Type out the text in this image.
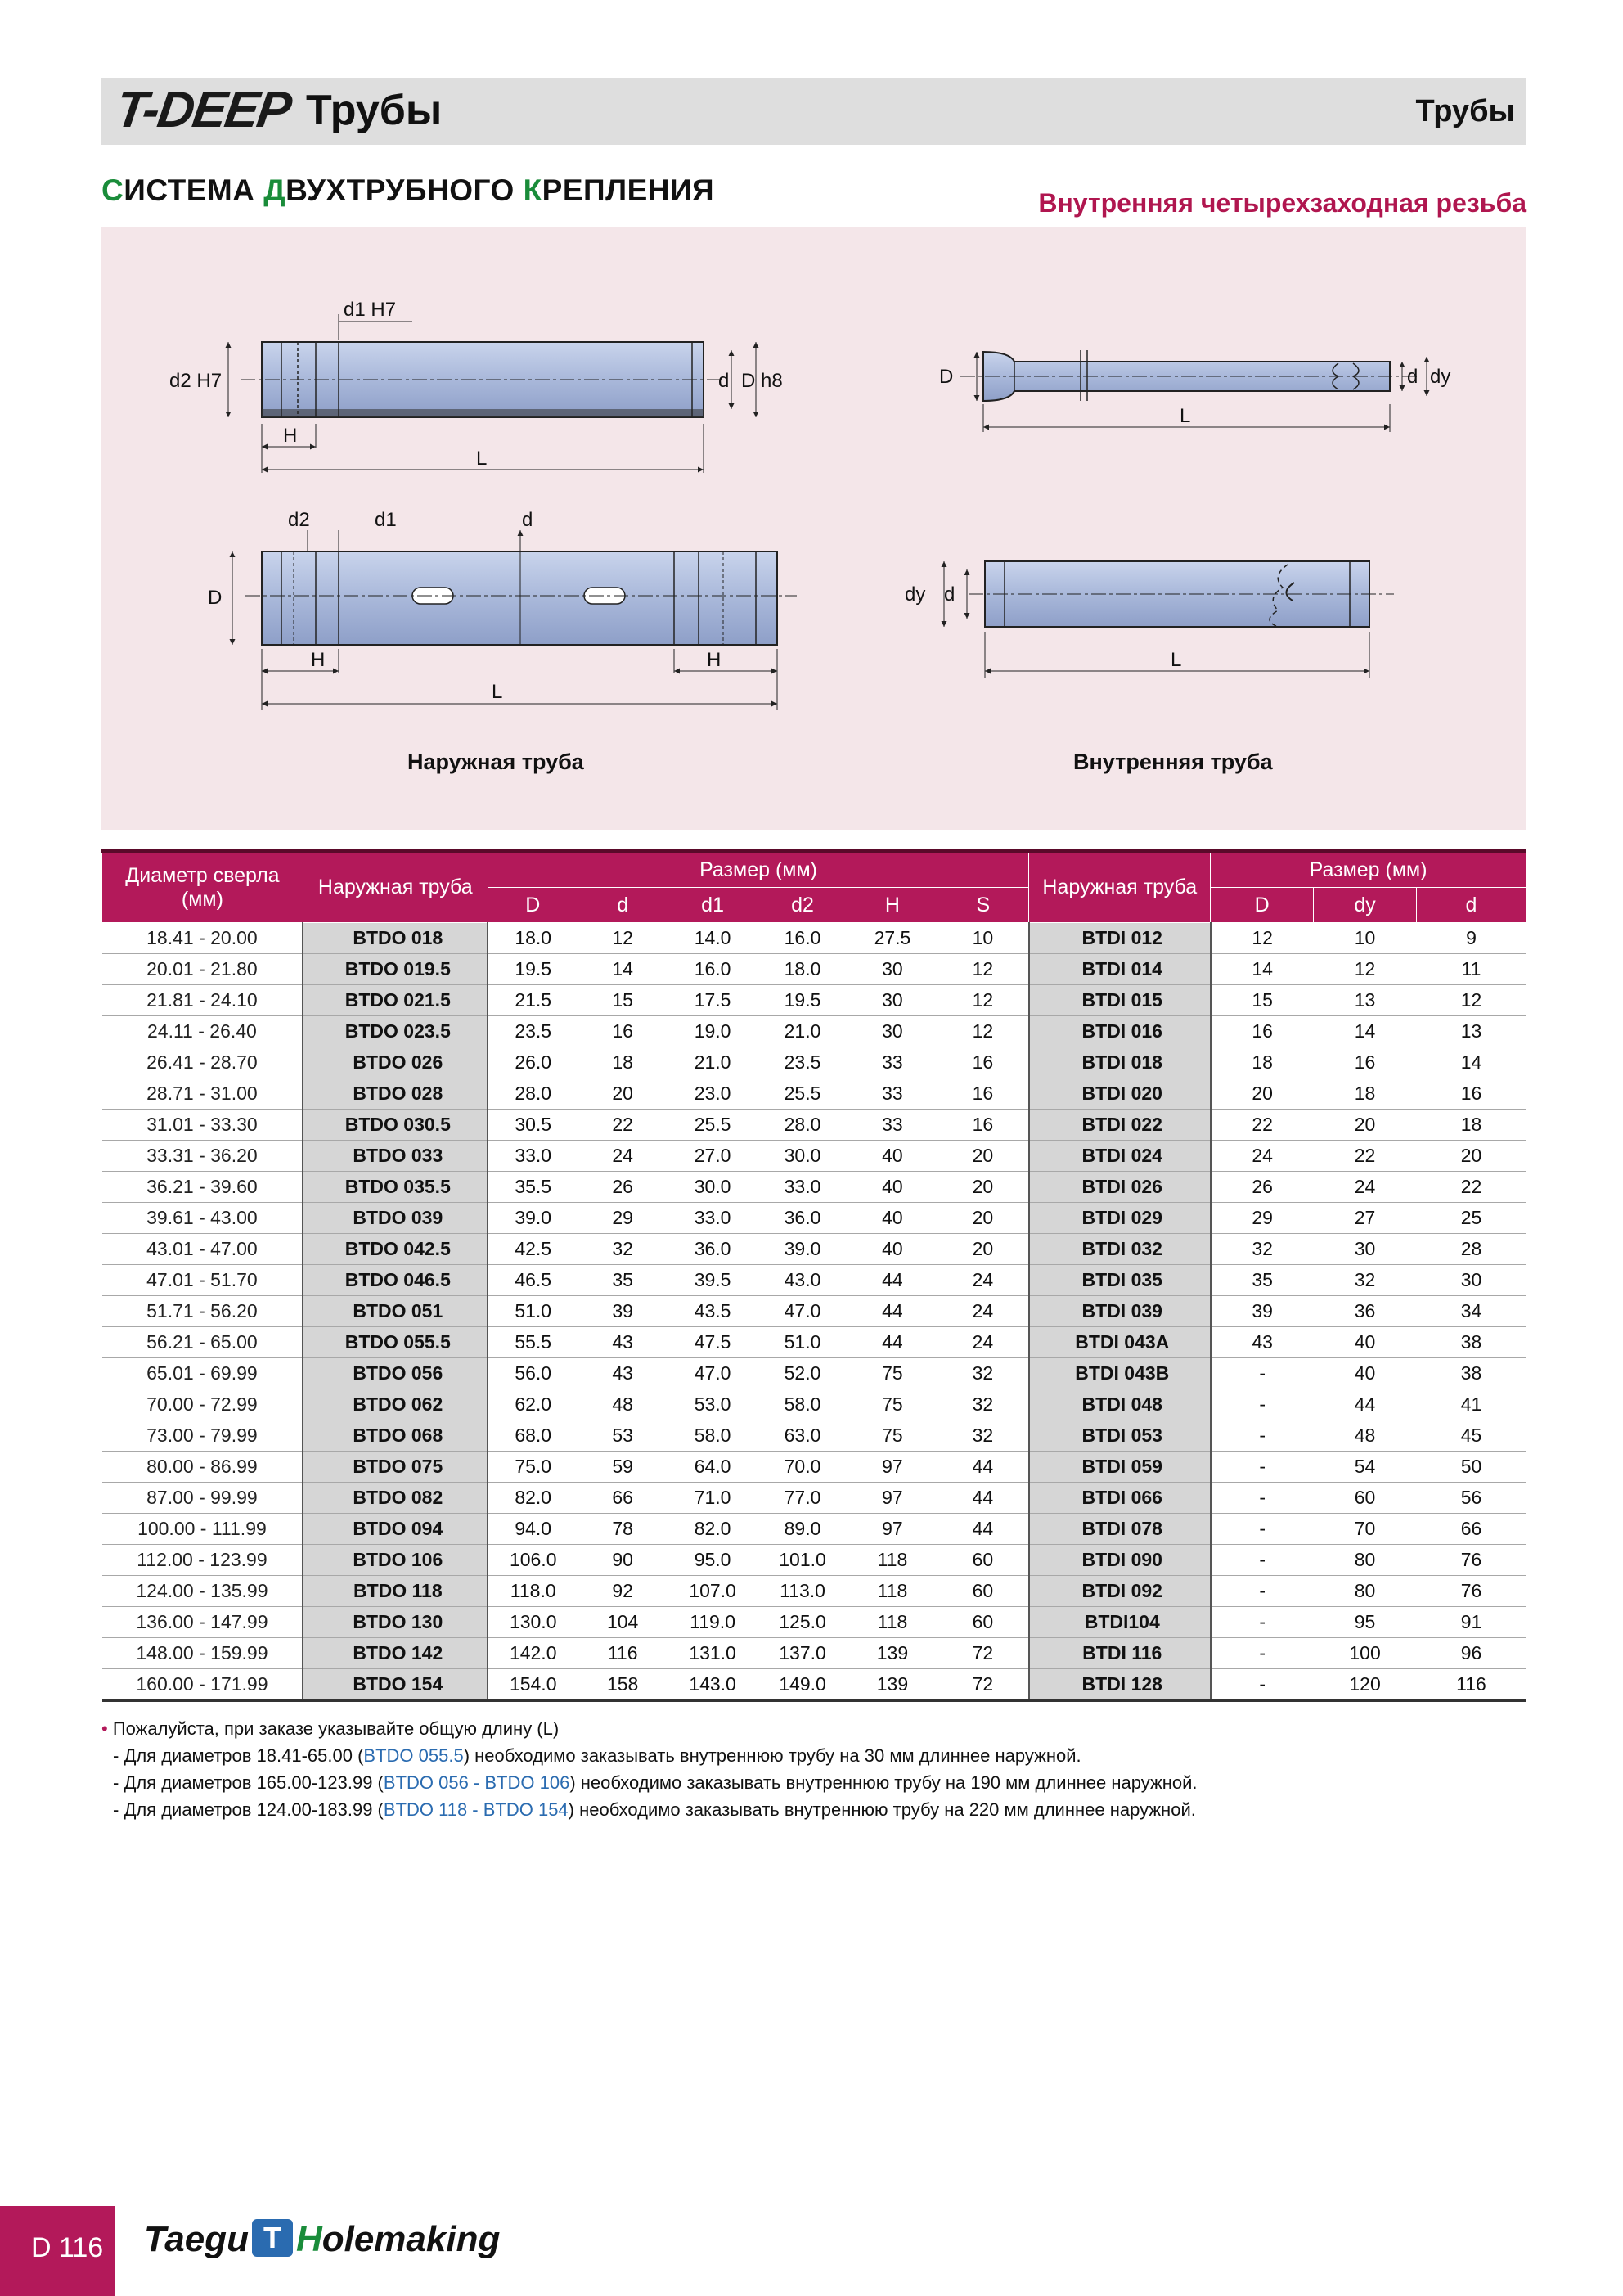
T-DEEP Трубы	Трубы
СИСТЕМА ДВУХТРУБНОГО КРЕПЛЕНИЯ	Внутренняя четырехзаходная резьба
d1 H7
d2 H7	d D h8
H
L
d2	d1	d
D
H	H
L
D	d dy
L
dy d
L
Наружная труба	Внутренняя труба
Диаметр сверла (мм)	Наружная труба	Размер (мм)						Наружная труба	Размер (мм)		
		D	d	d1	d2	H	S		D	dy	d
18.41 - 20.00	BTDO 018	18.0	12	14.0	16.0	27.5	10	BTDI 012	12	10	9
20.01 - 21.80	BTDO 019.5	19.5	14	16.0	18.0	30	12	BTDI 014	14	12	11
21.81 - 24.10	BTDO 021.5	21.5	15	17.5	19.5	30	12	BTDI 015	15	13	12
24.11 - 26.40	BTDO 023.5	23.5	16	19.0	21.0	30	12	BTDI 016	16	14	13
26.41 - 28.70	BTDO 026	26.0	18	21.0	23.5	33	16	BTDI 018	18	16	14
28.71 - 31.00	BTDO 028	28.0	20	23.0	25.5	33	16	BTDI 020	20	18	16
31.01 - 33.30	BTDO 030.5	30.5	22	25.5	28.0	33	16	BTDI 022	22	20	18
33.31 - 36.20	BTDO 033	33.0	24	27.0	30.0	40	20	BTDI 024	24	22	20
36.21 - 39.60	BTDO 035.5	35.5	26	30.0	33.0	40	20	BTDI 026	26	24	22
39.61 - 43.00	BTDO 039	39.0	29	33.0	36.0	40	20	BTDI 029	29	27	25
43.01 - 47.00	BTDO 042.5	42.5	32	36.0	39.0	40	20	BTDI 032	32	30	28
47.01 - 51.70	BTDO 046.5	46.5	35	39.5	43.0	44	24	BTDI 035	35	32	30
51.71 - 56.20	BTDO 051	51.0	39	43.5	47.0	44	24	BTDI 039	39	36	34
56.21 - 65.00	BTDO 055.5	55.5	43	47.5	51.0	44	24	BTDI 043A	43	40	38
65.01 - 69.99	BTDO 056	56.0	43	47.0	52.0	75	32	BTDI 043B	-	40	38
70.00 - 72.99	BTDO 062	62.0	48	53.0	58.0	75	32	BTDI 048	-	44	41
73.00 - 79.99	BTDO 068	68.0	53	58.0	63.0	75	32	BTDI 053	-	48	45
80.00 - 86.99	BTDO 075	75.0	59	64.0	70.0	97	44	BTDI 059	-	54	50
87.00 - 99.99	BTDO 082	82.0	66	71.0	77.0	97	44	BTDI 066	-	60	56
100.00 - 111.99	BTDO 094	94.0	78	82.0	89.0	97	44	BTDI 078	-	70	66
112.00 - 123.99	BTDO 106	106.0	90	95.0	101.0	118	60	BTDI 090	-	80	76
124.00 - 135.99	BTDO 118	118.0	92	107.0	113.0	118	60	BTDI 092	-	80	76
136.00 - 147.99	BTDO 130	130.0	104	119.0	125.0	118	60	BTDI104	-	95	91
148.00 - 159.99	BTDO 142	142.0	116	131.0	137.0	139	72	BTDI 116	-	100	96
160.00 - 171.99	BTDO 154	154.0	158	143.0	149.0	139	72	BTDI 128	-	120	116
• Пожалуйста, при заказе указывайте общую длину (L)
- Для диаметров 18.41-65.00 (BTDO 055.5) необходимо заказывать внутреннюю трубу на 30 мм длиннее наружной.
- Для диаметров 165.00-123.99 (BTDO 056 - BTDO 106) необходимо заказывать внутреннюю трубу на 190 мм длиннее наружной.
- Для диаметров 124.00-183.99 (BTDO 118 - BTDO 154) необходимо заказывать внутреннюю трубу на 220 мм длиннее наружной.
D 116 Taegu T Holemaking
